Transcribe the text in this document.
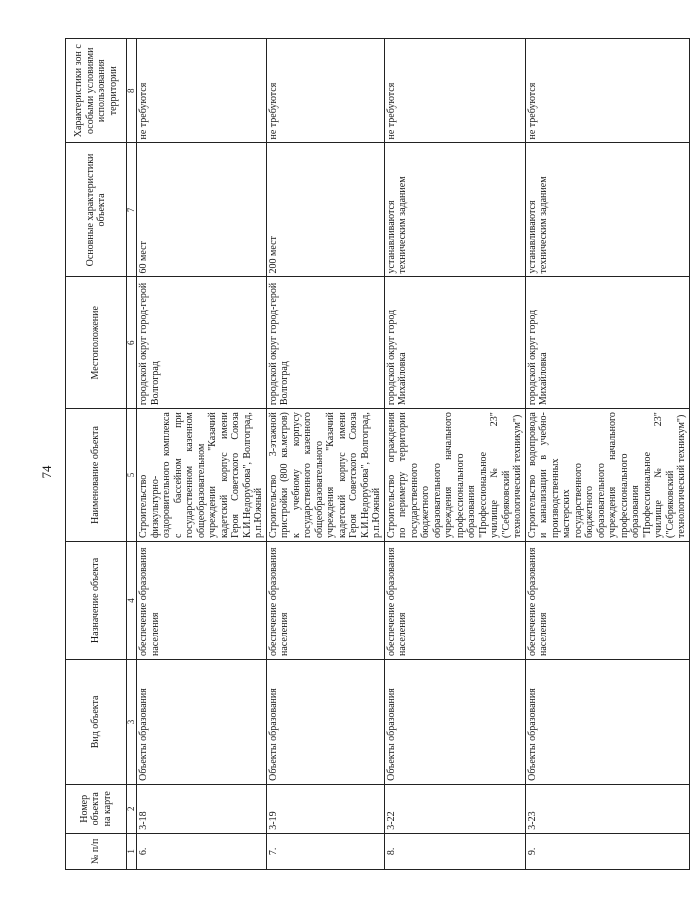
74
№ п/п	Номер объекта на карте	Вид объекта	Назначение объекта	Наименование объекта	Местоположение	Основные характеристики объекта	Характеристики зон с особыми условиями использования территории
1	2	3	4	5	6	7	8
6.	3-18	Объекты образования	обеспечение образования населения	Строительство физкультурно-оздоровительного комплекса с бассейном при государственном казенном общеобразовательном учреждении "Казачий кадетский корпус имени Героя Советского Союза К.И.Недорубова", Волгоград, р.п.Южный	городской округ город-герой Волгоград	60 мест	не требуются
7.	3-19	Объекты образования	обеспечение образования населения	Строительство 3-этажной пристройки (800 кв.метров) к учебному корпусу государственного казенного общеобразовательного учреждения "Казачий кадетский корпус имени Героя Советского Союза К.И.Недорубова", Волгоград, р.п.Южный	городской округ город-герой Волгоград	200 мест	не требуются
8.	3-22	Объекты образования	обеспечение образования населения	Строительство ограждения по периметру территории государственного бюджетного образовательного учреждения начального профессионального образования "Профессиональное училище № 23" ("Себряковский технологический техникум")	городской округ город Михайловка	устанавливаются техническим заданием	не требуются
9.	3-23	Объекты образования	обеспечение образования населения	Строительство водопровода и канализации в учебно-производственных мастерских государственного бюджетного образовательного учреждения начального профессионального образования "Профессиональное училище № 23" ("Себряковский технологический техникум")	городской округ город Михайловка	устанавливаются техническим заданием	не требуются
